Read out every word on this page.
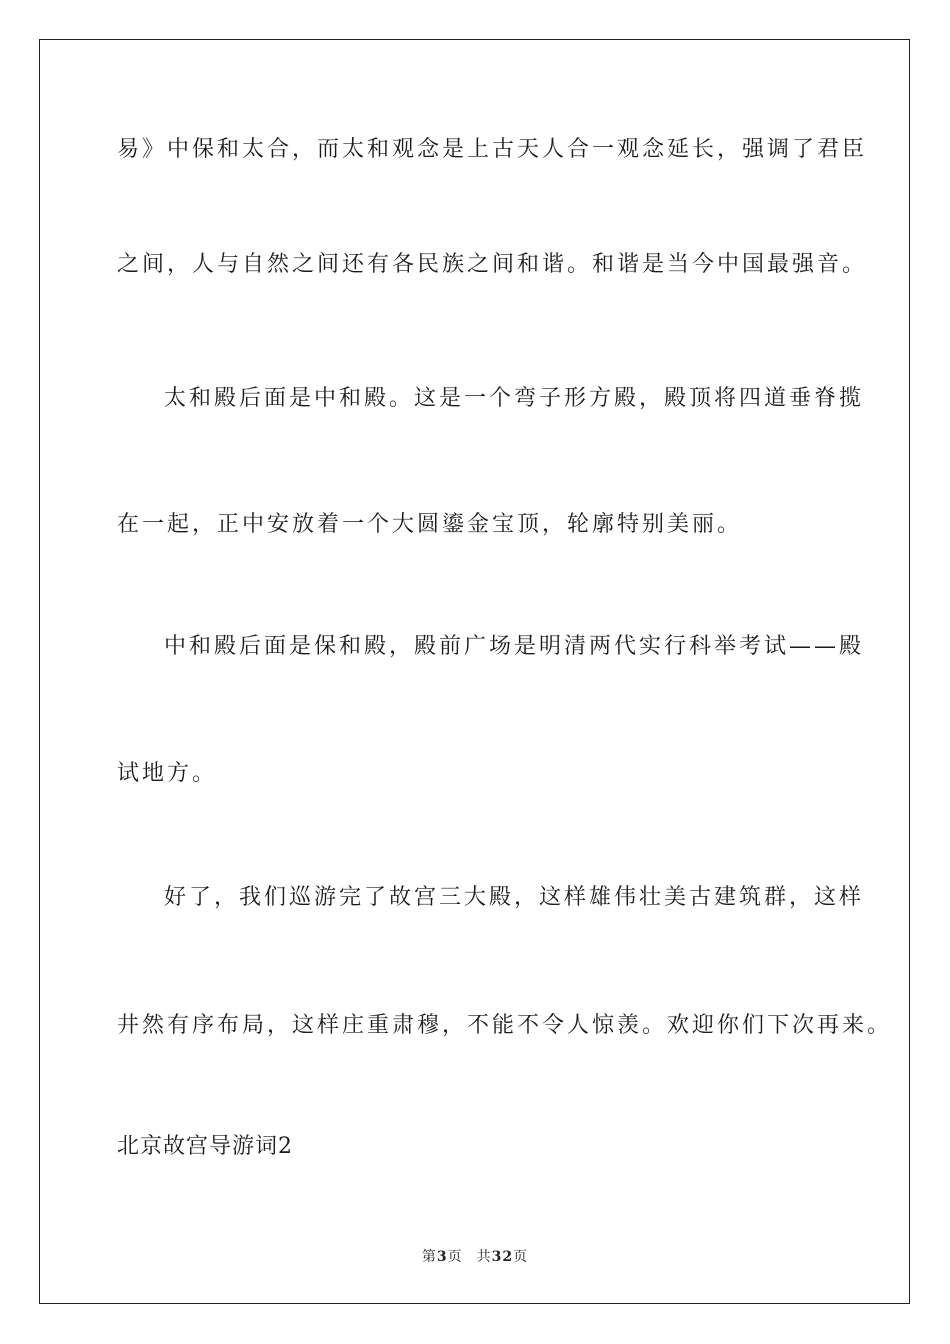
易》中保和太合，而太和观念是上古天人合一观念延长，强调了君臣
之间，人与自然之间还有各民族之间和谐。和谐是当今中国最强音。
太和殿后面是中和殿。这是一个弯子形方殿，殿顶将四道垂脊揽
在一起，正中安放着一个大圆鎏金宝顶，轮廓特别美丽。
中和殿后面是保和殿，殿前广场是明清两代实行科举考试——殿
试地方。
好了，我们巡游完了故宫三大殿，这样雄伟壮美古建筑群，这样
井然有序布局，这样庄重肃穆，不能不令人惊羡。欢迎你们下次再来。
北京故宫导游词2
第3页 共32页
